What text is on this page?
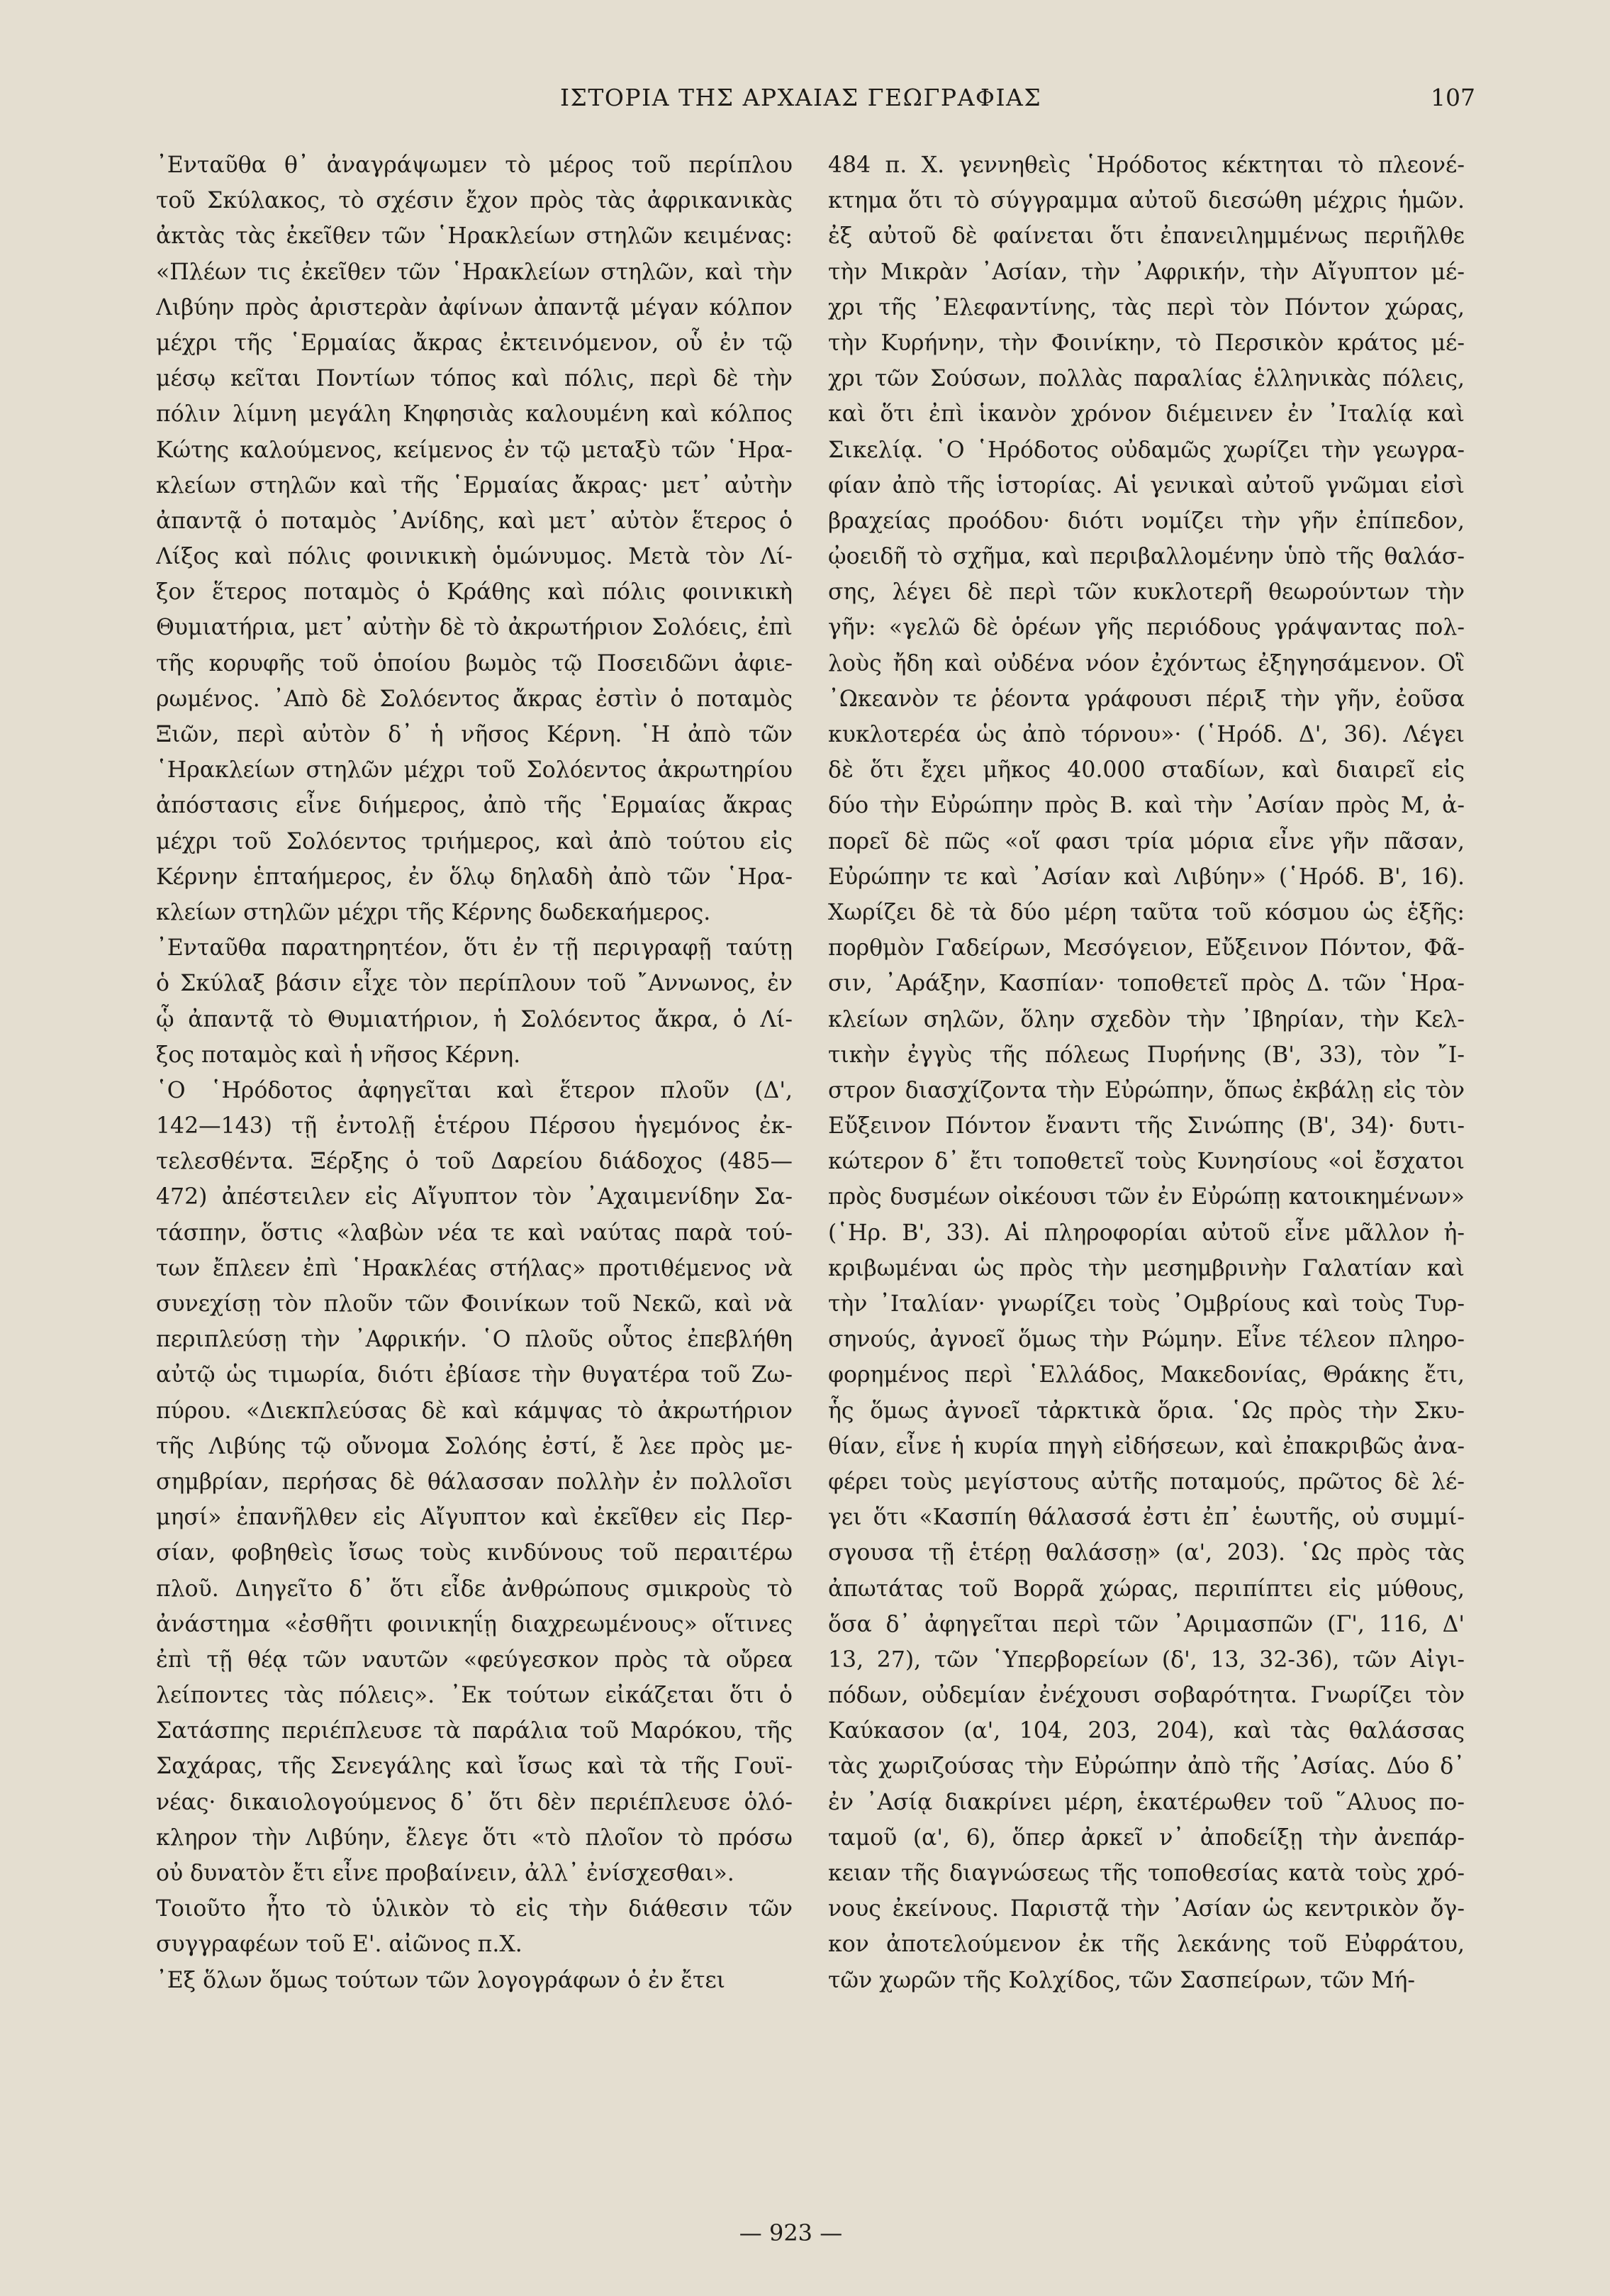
ΙΣΤΟΡΙΑ ΤΗΣ ΑΡΧΑΙΑΣ ΓΕΩΓΡΑΦΙΑΣ	107
᾿Ενταῦθα θ᾿ ἀναγράψωμεν τὸ μέρος τοῦ περίπλου
τοῦ Σκύλακος, τὸ σχέσιν ἔχον πρὸς τὰς ἀφρικανικὰς
ἀκτὰς τὰς ἐκεῖθεν τῶν ῾Ηρακλείων στηλῶν κειμένας:
«Πλέων τις ἐκεῖθεν τῶν ῾Ηρακλείων στηλῶν, καὶ τὴν
Λιβύην πρὸς ἀριστερὰν ἀφίνων ἀπαντᾷ μέγαν κόλπον
μέχρι τῆς ῾Ερμαίας ἄκρας ἐκτεινόμενον, οὗ ἐν τῷ
μέσῳ κεῖται Ποντίων τόπος καὶ πόλις, περὶ δὲ τὴν
πόλιν λίμνη μεγάλη Κηφησιὰς καλουμένη καὶ κόλπος
Κώτης καλούμενος, κείμενος ἐν τῷ μεταξὺ τῶν ῾Ηρα-
κλείων στηλῶν καὶ τῆς ῾Ερμαίας ἄκρας· μετ᾿ αὐτὴν
ἀπαντᾷ ὁ ποταμὸς ᾿Ανίδης, καὶ μετ᾿ αὐτὸν ἕτερος ὁ
Λίξος καὶ πόλις φοινικικὴ ὁμώνυμος. Μετὰ τὸν Λί-
ξον ἕτερος ποταμὸς ὁ Κράθης καὶ πόλις φοινικικὴ
Θυμιατήρια, μετ᾿ αὐτὴν δὲ τὸ ἀκρωτήριον Σολόεις, ἐπὶ
τῆς κορυφῆς τοῦ ὁποίου βωμὸς τῷ Ποσειδῶνι ἀφιε-
ρωμένος. ᾿Απὸ δὲ Σολόεντος ἄκρας ἐστὶν ὁ ποταμὸς
Ξιῶν, περὶ αὐτὸν δ᾿ ἡ νῆσος Κέρνη. ῾Η ἀπὸ τῶν
῾Ηρακλείων στηλῶν μέχρι τοῦ Σολόεντος ἀκρωτηρίου
ἀπόστασις εἶνε διήμερος, ἀπὸ τῆς ῾Ερμαίας ἄκρας
μέχρι τοῦ Σολόεντος τριήμερος, καὶ ἀπὸ τούτου εἰς
Κέρνην ἑπταήμερος, ἐν ὅλῳ δηλαδὴ ἀπὸ τῶν ῾Ηρα-
κλείων στηλῶν μέχρι τῆς Κέρνης δωδεκαήμερος.
᾿Ενταῦθα παρατηρητέον, ὅτι ἐν τῇ περιγραφῇ ταύτῃ
ὁ Σκύλαξ βάσιν εἶχε τὸν περίπλουν τοῦ ῎Αννωνος, ἐν
ᾧ ἀπαντᾷ τὸ Θυμιατήριον, ἡ Σολόεντος ἄκρα, ὁ Λί-
ξος ποταμὸς καὶ ἡ νῆσος Κέρνη.
῾Ο ῾Ηρόδοτος ἀφηγεῖται καὶ ἕτερον πλοῦν (Δ',
142—143) τῇ ἐντολῇ ἑτέρου Πέρσου ἡγεμόνος ἐκ-
τελεσθέντα. Ξέρξης ὁ τοῦ Δαρείου διάδοχος (485—
472) ἀπέστειλεν εἰς Αἴγυπτον τὸν ᾿Αχαιμενίδην Σα-
τάσπην, ὅστις «λαβὼν νέα τε καὶ ναύτας παρὰ τού-
των ἔπλεεν ἐπὶ ῾Ηρακλέας στήλας» προτιθέμενος νὰ
συνεχίσῃ τὸν πλοῦν τῶν Φοινίκων τοῦ Νεκῶ, καὶ νὰ
περιπλεύσῃ τὴν ᾿Αφρικήν. ῾Ο πλοῦς οὗτος ἐπεβλήθη
αὐτῷ ὡς τιμωρία, διότι ἐβίασε τὴν θυγατέρα τοῦ Ζω-
πύρου. «Διεκπλεύσας δὲ καὶ κάμψας τὸ ἀκρωτήριον
τῆς Λιβύης τῷ οὔνομα Σολόης ἐστί, ἔ λεε πρὸς με-
σημβρίαν, περήσας δὲ θάλασσαν πολλὴν ἐν πολλοῖσι
μησί» ἐπανῆλθεν εἰς Αἴγυπτον καὶ ἐκεῖθεν εἰς Περ-
σίαν, φοβηθεὶς ἴσως τοὺς κινδύνους τοῦ περαιτέρω
πλοῦ. Διηγεῖτο δ᾿ ὅτι εἶδε ἀνθρώπους σμικροὺς τὸ
ἀνάστημα «ἐσθῆτι φοινικηΐῃ διαχρεωμένους» οἵτινες
ἐπὶ τῇ θέᾳ τῶν ναυτῶν «φεύγεσκον πρὸς τὰ οὔρεα
λείποντες τὰς πόλεις». ᾿Εκ τούτων εἰκάζεται ὅτι ὁ
Σατάσπης περιέπλευσε τὰ παράλια τοῦ Μαρόκου, τῆς
Σαχάρας, τῆς Σενεγάλης καὶ ἴσως καὶ τὰ τῆς Γουϊ-
νέας· δικαιολογούμενος δ᾿ ὅτι δὲν περιέπλευσε ὁλό-
κληρον τὴν Λιβύην, ἔλεγε ὅτι «τὸ πλοῖον τὸ πρόσω
οὐ δυνατὸν ἔτι εἶνε προβαίνειν, ἀλλ᾿ ἐνίσχεσθαι».
Τοιοῦτο ἦτο τὸ ὑλικὸν τὸ εἰς τὴν διάθεσιν τῶν
συγγραφέων τοῦ Ε'. αἰῶνος π.Χ.
᾿Εξ ὅλων ὅμως τούτων τῶν λογογράφων ὁ ἐν ἔτει
484 π. Χ. γεννηθεὶς ῾Ηρόδοτος κέκτηται τὸ πλεονέ-
κτημα ὅτι τὸ σύγγραμμα αὐτοῦ διεσώθη μέχρις ἡμῶν.
ἐξ αὐτοῦ δὲ φαίνεται ὅτι ἐπανειλημμένως περιῆλθε
τὴν Μικρὰν ᾿Ασίαν, τὴν ᾿Αφρικήν, τὴν Αἴγυπτον μέ-
χρι τῆς ᾿Ελεφαντίνης, τὰς περὶ τὸν Πόντον χώρας,
τὴν Κυρήνην, τὴν Φοινίκην, τὸ Περσικὸν κράτος μέ-
χρι τῶν Σούσων, πολλὰς παραλίας ἑλληνικὰς πόλεις,
καὶ ὅτι ἐπὶ ἱκανὸν χρόνον διέμεινεν ἐν ᾿Ιταλίᾳ καὶ
Σικελίᾳ. ῾Ο ῾Ηρόδοτος οὐδαμῶς χωρίζει τὴν γεωγρα-
φίαν ἀπὸ τῆς ἱστορίας. Αἱ γενικαὶ αὐτοῦ γνῶμαι εἰσὶ
βραχείας προόδου· διότι νομίζει τὴν γῆν ἐπίπεδον,
ᾠοειδῆ τὸ σχῆμα, καὶ περιβαλλομένην ὑπὸ τῆς θαλάσ-
σης, λέγει δὲ περὶ τῶν κυκλοτερῆ θεωρούντων τὴν
γῆν: «γελῶ δὲ ὁρέων γῆς περιόδους γράψαντας πολ-
λοὺς ἤδη καὶ οὐδένα νόον ἐχόντως ἐξηγησάμενον. Οἳ
᾿Ωκεανὸν τε ῥέοντα γράφουσι πέριξ τὴν γῆν, ἐοῦσα
κυκλοτερέα ὡς ἀπὸ τόρνου»· (῾Ηρόδ. Δ', 36). Λέγει
δὲ ὅτι ἔχει μῆκος 40.000 σταδίων, καὶ διαιρεῖ εἰς
δύο τὴν Εὐρώπην πρὸς Β. καὶ τὴν ᾿Ασίαν πρὸς Μ, ἀ-
πορεῖ δὲ πῶς «οἵ φασι τρία μόρια εἶνε γῆν πᾶσαν,
Εὐρώπην τε καὶ ᾿Ασίαν καὶ Λιβύην» (῾Ηρόδ. Β', 16).
Χωρίζει δὲ τὰ δύο μέρη ταῦτα τοῦ κόσμου ὡς ἑξῆς:
πορθμὸν Γαδείρων, Μεσόγειον, Εὔξεινον Πόντον, Φᾶ-
σιν, ᾿Αράξην, Κασπίαν· τοποθετεῖ πρὸς Δ. τῶν ῾Ηρα-
κλείων σηλῶν, ὅλην σχεδὸν τὴν ᾿Ιβηρίαν, τὴν Κελ-
τικὴν ἐγγὺς τῆς πόλεως Πυρήνης (Β', 33), τὸν ῎Ι-
στρον διασχίζοντα τὴν Εὐρώπην, ὅπως ἐκβάλῃ εἰς τὸν
Εὔξεινον Πόντον ἔναντι τῆς Σινώπης (Β', 34)· δυτι-
κώτερον δ᾿ ἔτι τοποθετεῖ τοὺς Κυνησίους «οἱ ἔσχατοι
πρὸς δυσμέων οἰκέουσι τῶν ἐν Εὐρώπῃ κατοικημένων»
(῾Ηρ. Β', 33). Αἱ πληροφορίαι αὐτοῦ εἶνε μᾶλλον ἠ-
κριβωμέναι ὡς πρὸς τὴν μεσημβρινὴν Γαλατίαν καὶ
τὴν ᾿Ιταλίαν· γνωρίζει τοὺς ᾿Ομβρίους καὶ τοὺς Τυρ-
σηνούς, ἀγνοεῖ ὅμως τὴν Ρώμην. Εἶνε τέλεον πληρο-
φορημένος περὶ ῾Ελλάδος, Μακεδονίας, Θράκης ἔτι,
ἧς ὅμως ἀγνοεῖ τἀρκτικὰ ὅρια. ῾Ως πρὸς τὴν Σκυ-
θίαν, εἶνε ἡ κυρία πηγὴ εἰδήσεων, καὶ ἐπακριβῶς ἀνα-
φέρει τοὺς μεγίστους αὐτῆς ποταμούς, πρῶτος δὲ λέ-
γει ὅτι «Κασπίη θάλασσά ἐστι ἐπ᾿ ἑωυτῆς, οὐ συμμί-
σγουσα τῇ ἑτέρῃ θαλάσσῃ» (α', 203). ῾Ως πρὸς τὰς
ἀπωτάτας τοῦ Βορρᾶ χώρας, περιπίπτει εἰς μύθους,
ὅσα δ᾿ ἀφηγεῖται περὶ τῶν ᾿Αριμασπῶν (Γ', 116, Δ'
13, 27), τῶν ῾Υπερβορείων (δ', 13, 32-36), τῶν Αἰγι-
πόδων, οὐδεμίαν ἐνέχουσι σοβαρότητα. Γνωρίζει τὸν
Καύκασον (α', 104, 203, 204), καὶ τὰς θαλάσσας
τὰς χωριζούσας τὴν Εὐρώπην ἀπὸ τῆς ᾿Ασίας. Δύο δ᾿
ἐν ᾿Ασίᾳ διακρίνει μέρη, ἑκατέρωθεν τοῦ ῞Αλυος πο-
ταμοῦ (α', 6), ὅπερ ἀρκεῖ ν᾿ ἀποδείξῃ τὴν ἀνεπάρ-
κειαν τῆς διαγνώσεως τῆς τοποθεσίας κατὰ τοὺς χρό-
νους ἐκείνους. Παριστᾷ τὴν ᾿Ασίαν ὡς κεντρικὸν ὄγ-
κον ἀποτελούμενον ἐκ τῆς λεκάνης τοῦ Εὐφράτου,
τῶν χωρῶν τῆς Κολχίδος, τῶν Σασπείρων, τῶν Μή-
— 923 —
